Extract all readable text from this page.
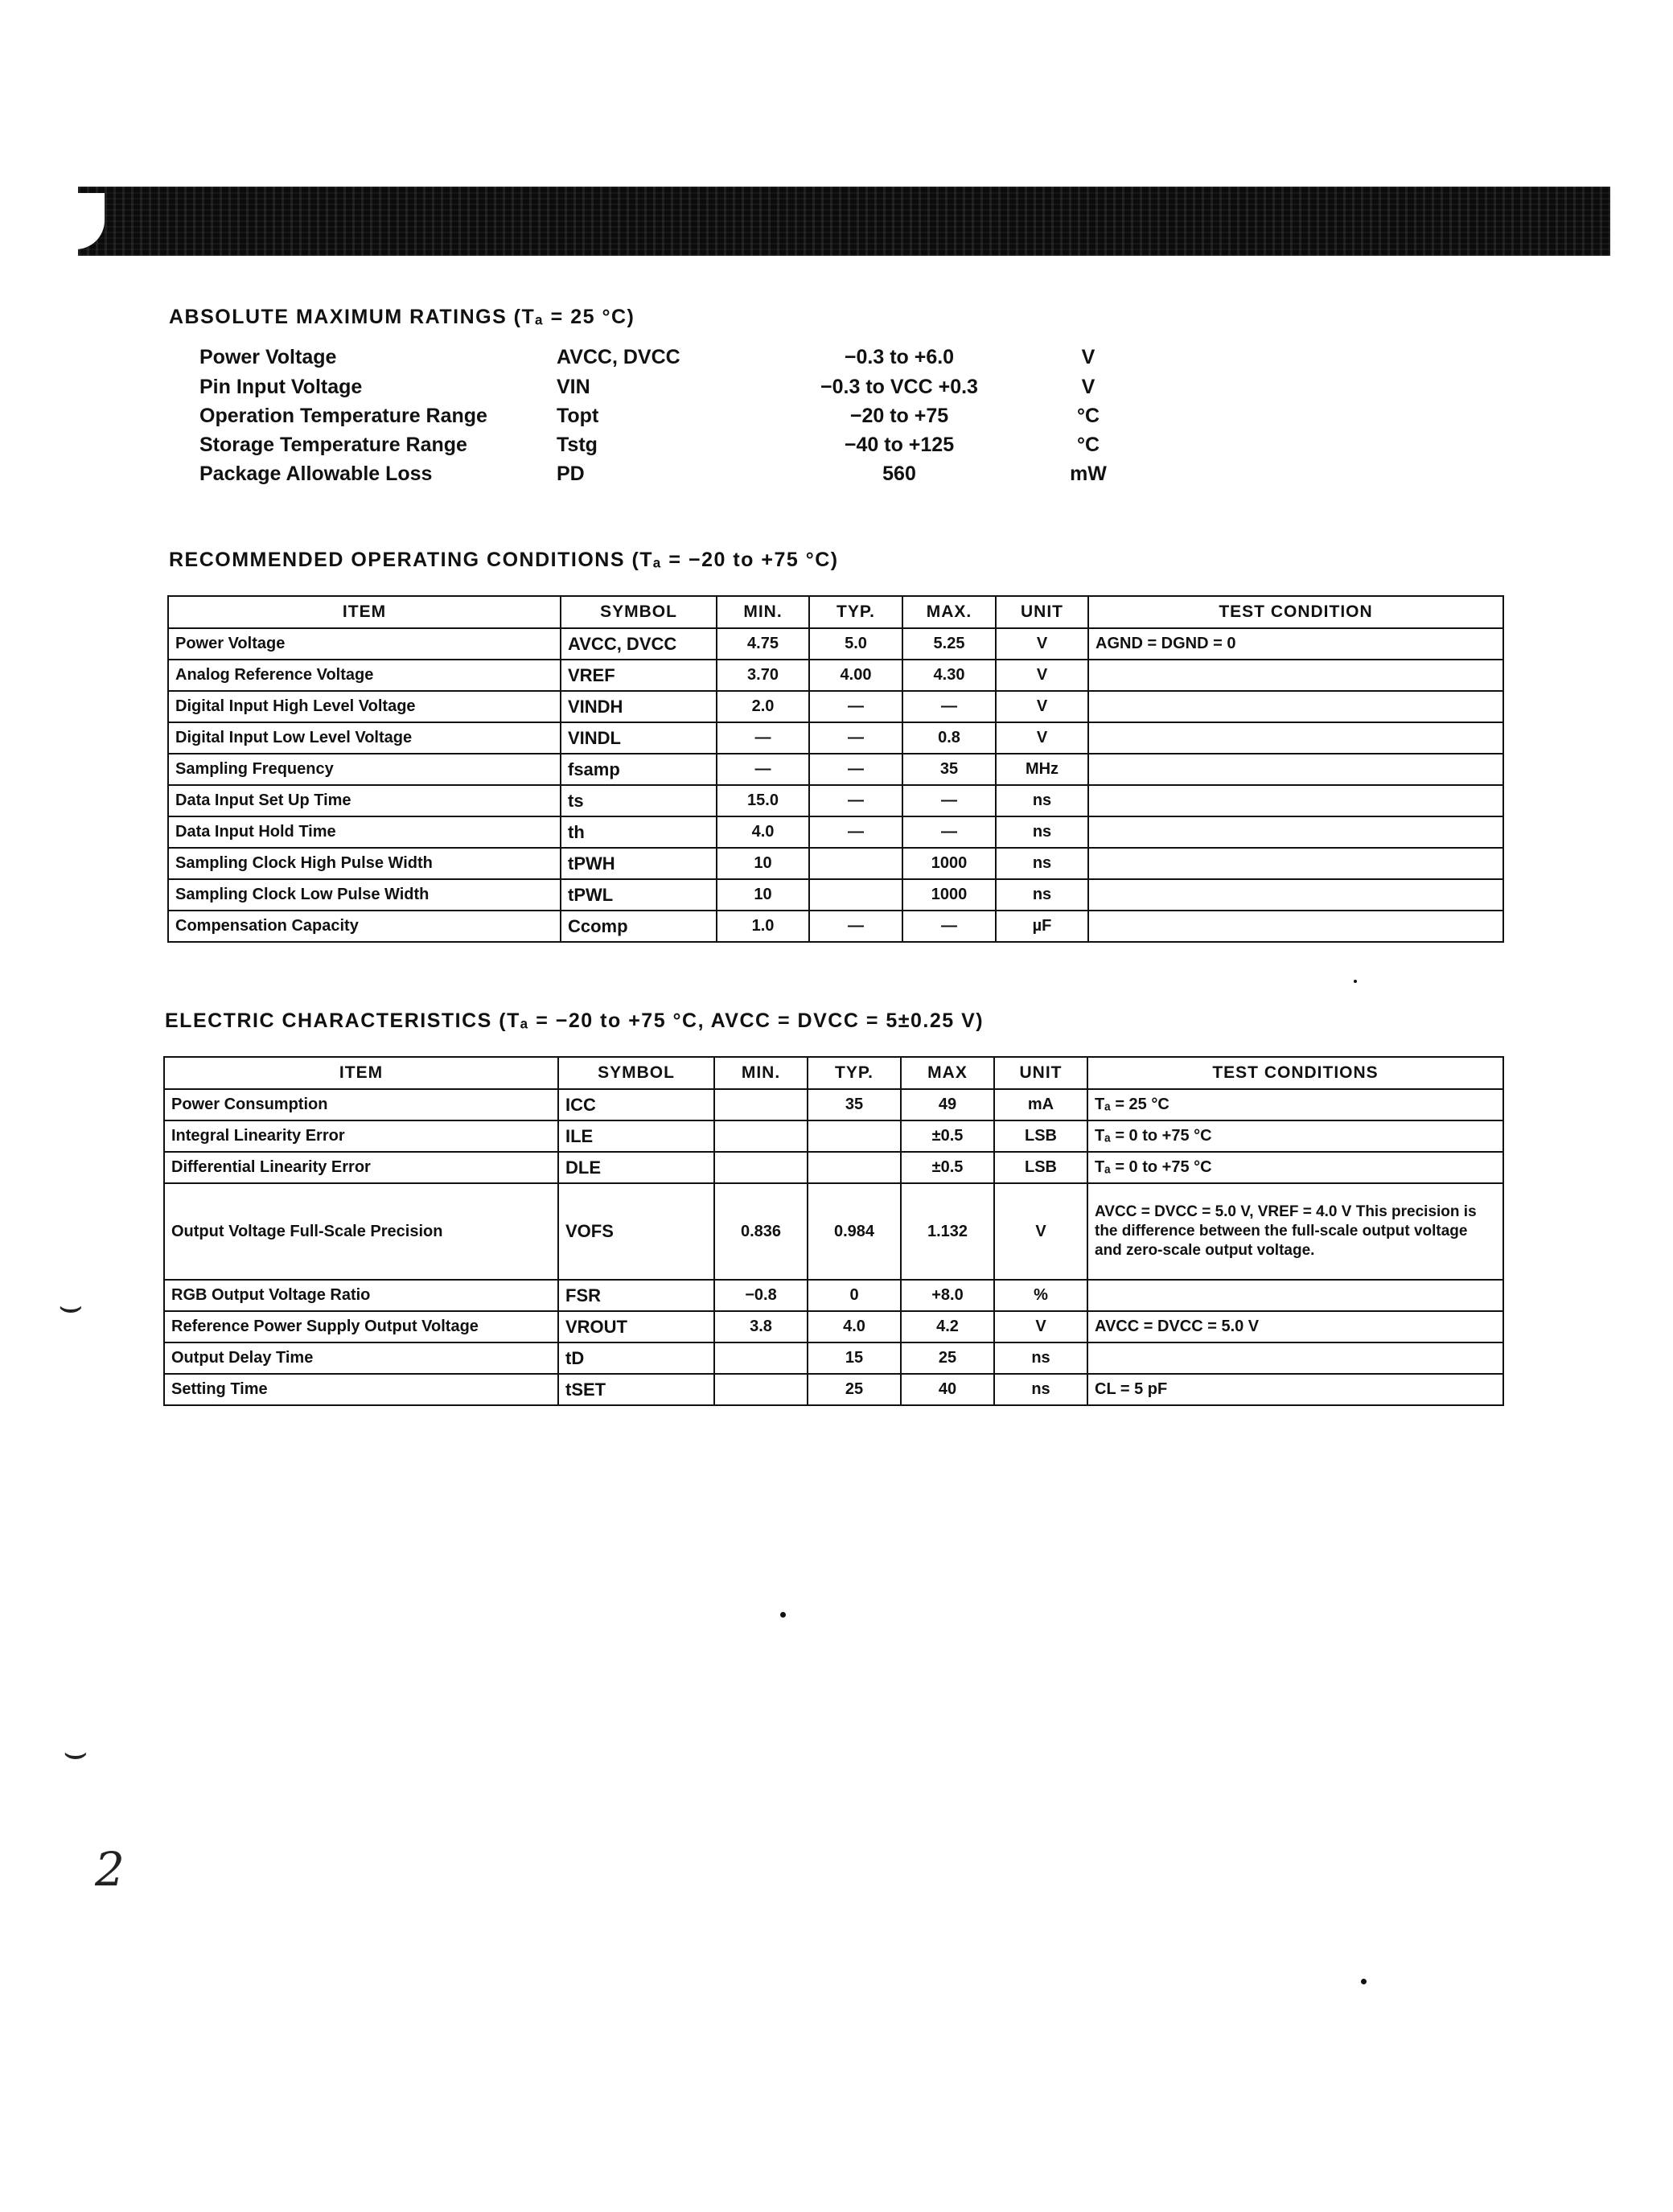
ABSOLUTE MAXIMUM RATINGS (Tₐ = 25 °C)
Power Voltage	AVCC, DVCC	−0.3 to +6.0	V
Pin Input Voltage	VIN	−0.3 to VCC +0.3	V
Operation Temperature Range	Topt	−20 to +75	°C
Storage Temperature Range	Tstg	−40 to +125	°C
Package Allowable Loss	PD	560	mW
RECOMMENDED OPERATING CONDITIONS (Tₐ = −20 to +75 °C)
ITEM	SYMBOL	MIN.	TYP.	MAX.	UNIT	TEST CONDITION
Power Voltage	AVCC, DVCC	4.75	5.0	5.25	V	AGND = DGND = 0
Analog Reference Voltage	VREF	3.70	4.00	4.30	V	
Digital Input High Level Voltage	VINDH	2.0	—	—	V	
Digital Input Low Level Voltage	VINDL	—	—	0.8	V	
Sampling Frequency	fsamp	—	—	35	MHz	
Data Input Set Up Time	ts	15.0	—	—	ns	
Data Input Hold Time	th	4.0	—	—	ns	
Sampling Clock High Pulse Width	tPWH	10		1000	ns	
Sampling Clock Low Pulse Width	tPWL	10		1000	ns	
Compensation Capacity	Ccomp	1.0	—	—	µF	
ELECTRIC CHARACTERISTICS (Tₐ = −20 to +75 °C, AVCC = DVCC = 5±0.25 V)
ITEM	SYMBOL	MIN.	TYP.	MAX	UNIT	TEST CONDITIONS
Power Consumption	ICC		35	49	mA	Tₐ = 25 °C
Integral Linearity Error	ILE			±0.5	LSB	Tₐ = 0 to +75 °C
Differential Linearity Error	DLE			±0.5	LSB	Tₐ = 0 to +75 °C
Output Voltage Full-Scale Precision	VOFS	0.836	0.984	1.132	V	AVCC = DVCC = 5.0 V, VREF = 4.0 V This precision is the difference between the full-scale output voltage and zero-scale output voltage.
RGB Output Voltage Ratio	FSR	−0.8	0	+8.0	%	
Reference Power Supply Output Voltage	VROUT	3.8	4.0	4.2	V	AVCC = DVCC = 5.0 V
Output Delay Time	tD		15	25	ns	
Setting Time	tSET		25	40	ns	CL = 5 pF
⌣
⌣
2
